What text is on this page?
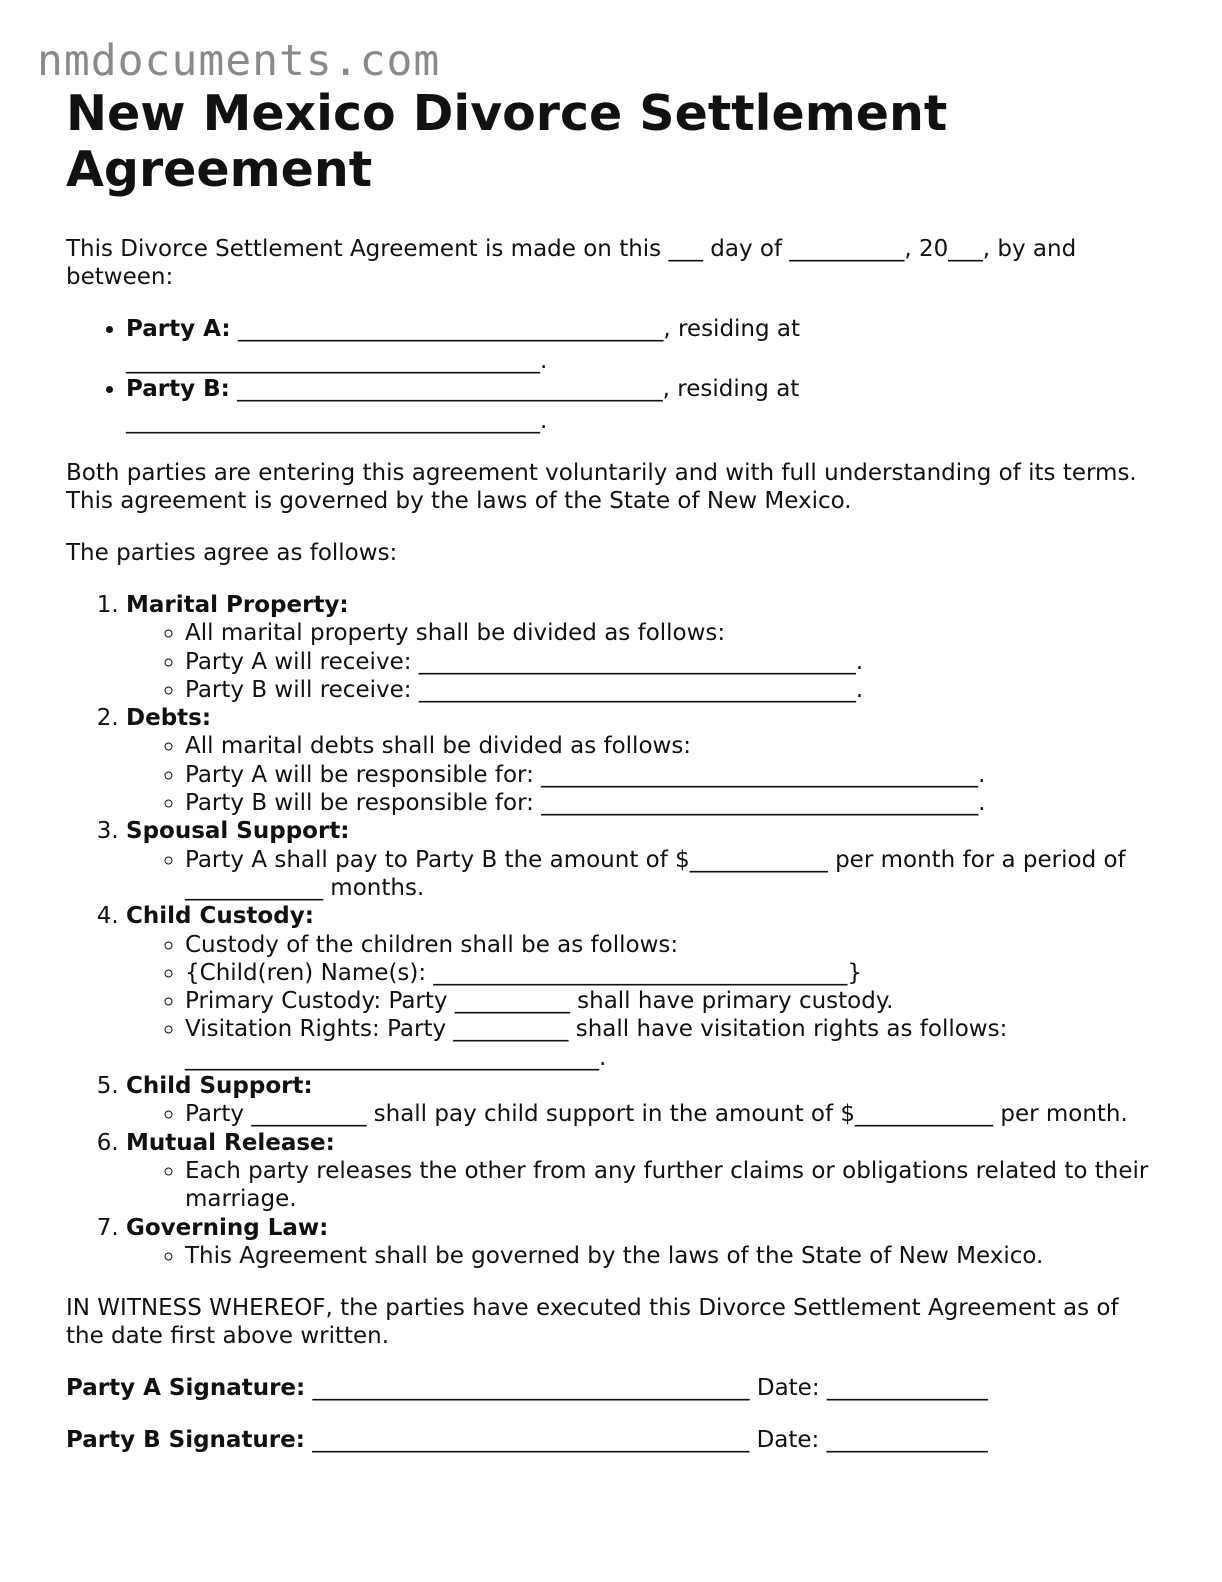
nmdocuments.com
New Mexico Divorce Settlement Agreement

This Divorce Settlement Agreement is made on this ___ day of __________, 20___, by and between:

• Party A: _____________________________________, residing at
____________________________________.
• Party B: _____________________________________, residing at
____________________________________.

Both parties are entering this agreement voluntarily and with full understanding of its terms. This agreement is governed by the laws of the State of New Mexico.

The parties agree as follows:

1. Marital Property:
◦ All marital property shall be divided as follows:
◦ Party A will receive: ______________________________________.
◦ Party B will receive: ______________________________________.
2. Debts:
◦ All marital debts shall be divided as follows:
◦ Party A will be responsible for: ______________________________________.
◦ Party B will be responsible for: ______________________________________.
3. Spousal Support:
◦ Party A shall pay to Party B the amount of $____________ per month for a period of ____________ months.
4. Child Custody:
◦ Custody of the children shall be as follows:
◦ {Child(ren) Name(s): ____________________________________}
◦ Primary Custody: Party __________ shall have primary custody.
◦ Visitation Rights: Party __________ shall have visitation rights as follows: ____________________________________.
5. Child Support:
◦ Party __________ shall pay child support in the amount of $____________ per month.
6. Mutual Release:
◦ Each party releases the other from any further claims or obligations related to their marriage.
7. Governing Law:
◦ This Agreement shall be governed by the laws of the State of New Mexico.

IN WITNESS WHEREOF, the parties have executed this Divorce Settlement Agreement as of the date first above written.

Party A Signature: ______________________________________ Date: ______________

Party B Signature: ______________________________________ Date: ______________
